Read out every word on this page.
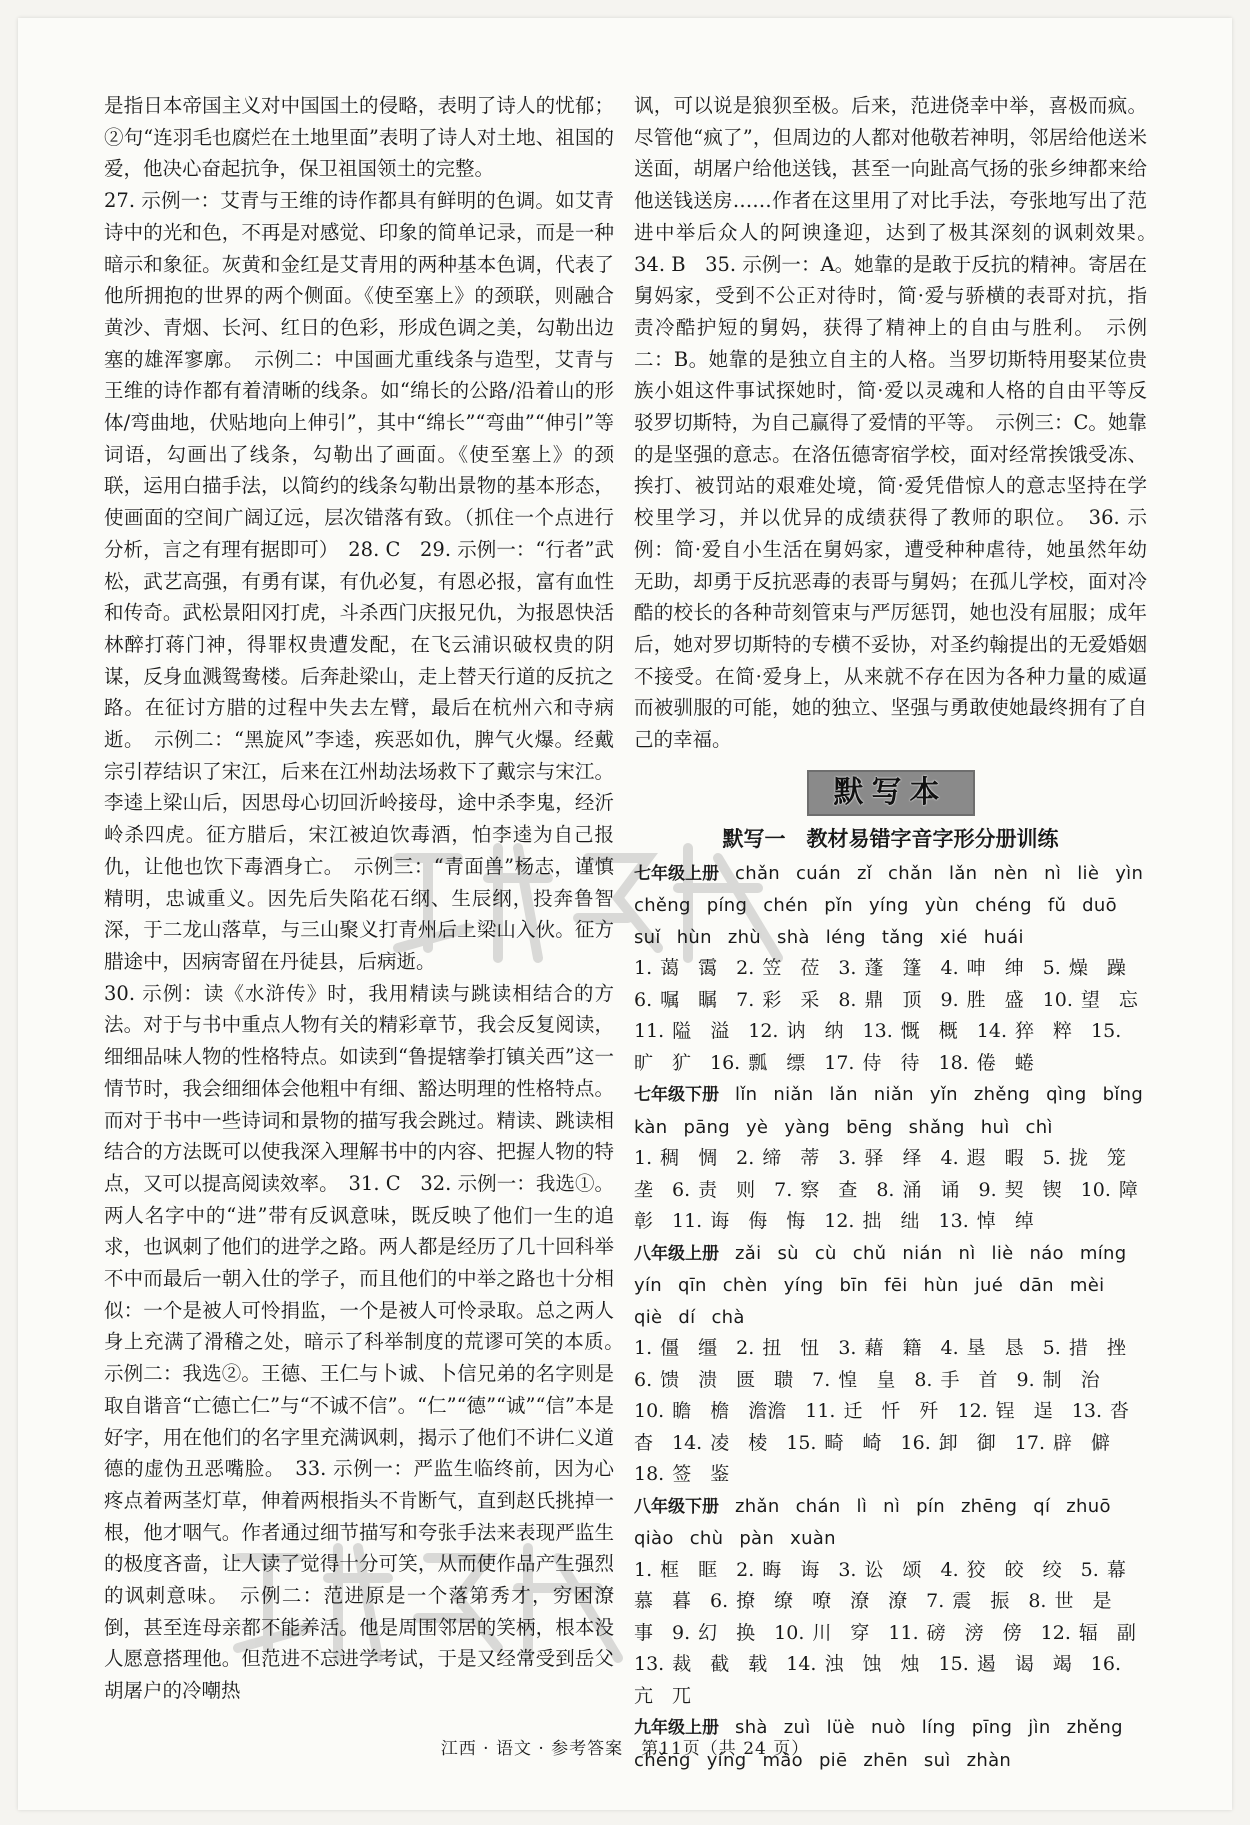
是指日本帝国主义对中国国土的侵略，表明了诗人的忧郁；②句“连羽毛也腐烂在土地里面”表明了诗人对土地、祖国的爱，他决心奋起抗争，保卫祖国领土的完整。

27. 示例一：艾青与王维的诗作都具有鲜明的色调。如艾青诗中的光和色，不再是对感觉、印象的简单记录，而是一种暗示和象征。灰黄和金红是艾青用的两种基本色调，代表了他所拥抱的世界的两个侧面。《使至塞上》的颈联，则融合黄沙、青烟、长河、红日的色彩，形成色调之美，勾勒出边塞的雄浑寥廓。　示例二：中国画尤重线条与造型，艾青与王维的诗作都有着清晰的线条。如“绵长的公路/沿着山的形体/弯曲地，伏贴地向上伸引”，其中“绵长”“弯曲”“伸引”等词语，勾画出了线条，勾勒出了画面。《使至塞上》的颈联，运用白描手法，以简约的线条勾勒出景物的基本形态，使画面的空间广阔辽远，层次错落有致。（抓住一个点进行分析，言之有理有据即可）　28. C　29. 示例一：“行者”武松，武艺高强，有勇有谋，有仇必复，有恩必报，富有血性和传奇。武松景阳冈打虎，斗杀西门庆报兄仇，为报恩快活林醉打蒋门神，得罪权贵遭发配，在飞云浦识破权贵的阴谋，反身血溅鸳鸯楼。后奔赴梁山，走上替天行道的反抗之路。在征讨方腊的过程中失去左臂，最后在杭州六和寺病逝。　示例二：“黑旋风”李逵，疾恶如仇，脾气火爆。经戴宗引荐结识了宋江，后来在江州劫法场救下了戴宗与宋江。李逵上梁山后，因思母心切回沂岭接母，途中杀李鬼，经沂岭杀四虎。征方腊后，宋江被迫饮毒酒，怕李逵为自己报仇，让他也饮下毒酒身亡。　示例三：“青面兽”杨志，谨慎精明，忠诚重义。因先后失陷花石纲、生辰纲，投奔鲁智深，于二龙山落草，与三山聚义打青州后上梁山入伙。征方腊途中，因病寄留在丹徒县，后病逝。

30. 示例：读《水浒传》时，我用精读与跳读相结合的方法。对于与书中重点人物有关的精彩章节，我会反复阅读，细细品味人物的性格特点。如读到“鲁提辖拳打镇关西”这一情节时，我会细细体会他粗中有细、豁达明理的性格特点。而对于书中一些诗词和景物的描写我会跳过。精读、跳读相结合的方法既可以使我深入理解书中的内容、把握人物的特点，又可以提高阅读效率。　31. C　32. 示例一：我选①。两人名字中的“进”带有反讽意味，既反映了他们一生的追求，也讽刺了他们的进学之路。两人都是经历了几十回科举不中而最后一朝入仕的学子，而且他们的中举之路也十分相似：一个是被人可怜捐监，一个是被人可怜录取。总之两人身上充满了滑稽之处，暗示了科举制度的荒谬可笑的本质。　示例二：我选②。王德、王仁与卜诚、卜信兄弟的名字则是取自谐音“亡德亡仁”与“不诚不信”。“仁”“德”“诚”“信”本是好字，用在他们的名字里充满讽刺，揭示了他们不讲仁义道德的虚伪丑恶嘴脸。　33. 示例一：严监生临终前，因为心疼点着两茎灯草，伸着两根指头不肯断气，直到赵氏挑掉一根，他才咽气。作者通过细节描写和夸张手法来表现严监生的极度吝啬，让人读了觉得十分可笑，从而使作品产生强烈的讽刺意味。　示例二：范进原是一个落第秀才，穷困潦倒，甚至连母亲都不能养活。他是周围邻居的笑柄，根本没人愿意搭理他。但范进不忘进学考试，于是又经常受到岳父胡屠户的冷嘲热

讽，可以说是狼狈至极。后来，范进侥幸中举，喜极而疯。尽管他“疯了”，但周边的人都对他敬若神明，邻居给他送米送面，胡屠户给他送钱，甚至一向趾高气扬的张乡绅都来给他送钱送房……作者在这里用了对比手法，夸张地写出了范进中举后众人的阿谀逢迎，达到了极其深刻的讽刺效果。　34. B　35. 示例一：A。她靠的是敢于反抗的精神。寄居在舅妈家，受到不公正对待时，简·爱与骄横的表哥对抗，指责冷酷护短的舅妈，获得了精神上的自由与胜利。　示例二：B。她靠的是独立自主的人格。当罗切斯特用娶某位贵族小姐这件事试探她时，简·爱以灵魂和人格的自由平等反驳罗切斯特，为自己赢得了爱情的平等。　示例三：C。她靠的是坚强的意志。在洛伍德寄宿学校，面对经常挨饿受冻、挨打、被罚站的艰难处境，简·爱凭借惊人的意志坚持在学校里学习，并以优异的成绩获得了教师的职位。　36. 示例：简·爱自小生活在舅妈家，遭受种种虐待，她虽然年幼无助，却勇于反抗恶毒的表哥与舅妈；在孤儿学校，面对冷酷的校长的各种苛刻管束与严厉惩罚，她也没有屈服；成年后，她对罗切斯特的专横不妥协，对圣约翰提出的无爱婚姻不接受。在简·爱身上，从来就不存在因为各种力量的威逼而被驯服的可能，她的独立、坚强与勇敢使她最终拥有了自己的幸福。

默写本
默写一　教材易错字音字形分册训练
七年级上册 chǎn cuán zǐ chǎn lǎn nèn nì liè yìn chěng píng chén pǐn yíng yùn chéng fǔ duō suǐ hùn zhù shà léng tǎng xié huái
1. 蔼　霭　2. 笠　莅　3. 蓬　篷　4. 呻　绅　5. 燥　躁　6. 嘱　瞩　7. 彩　采　8. 鼎　顶　9. 胜　盛　10. 望　忘　11. 隘　溢　12. 讷　纳　13. 慨　概　14. 猝　粹　15. 旷　犷　16. 瓢　缥　17. 侍　待　18. 倦　蜷
七年级下册 lǐn niǎn lǎn niǎn yǐn zhěng qìng bǐng kàn pāng yè yàng bēng shǎng huì chì
1. 稠　惆　2. 缔　蒂　3. 驿　绎　4. 遐　暇　5. 拢　笼　垄　6. 责　则　7. 察　查　8. 涌　诵　9. 契　锲　10. 障　彰　11. 诲　侮　悔　12. 拙　绌　13. 悼　绰
八年级上册 zǎi sù cù chǔ nián nì liè náo míng yín qīn chèn yíng bīn fēi hùn jué dān mèi qiè dí chà
1. 僵　缰　2. 扭　忸　3. 藉　籍　4. 垦　恳　5. 措　挫　6. 馈　溃　匮　聩　7. 惶　皇　8. 手　首　9. 制　治　10. 瞻　檐　澹澹　11. 迁　忏　歼　12. 锃　逞　13. 沓　杳　14. 凌　棱　15. 畸　崎　16. 卸　御　17. 辟　僻　18. 签　鉴
八年级下册 zhǎn chán lì nì pín zhēng qí zhuō qiào chù pàn xuàn
1. 框　眶　2. 晦　诲　3. 讼　颂　4. 狡　皎　绞　5. 幕　慕　暮　6. 撩　缭　嘹　潦　潦　7. 震　振　8. 世　是　事　9. 幻　换　10. 川　穿　11. 磅　滂　傍　12. 辐　副　13. 裁　截　载　14. 浊　蚀　烛　15. 遏　谒　竭　16. 亢　兀
九年级上册 shà zuì lüè nuò líng pīng jìn zhěng chěng yíng mào piē zhēn suì zhàn
江西 · 语文 · 参考答案　第11页（共 24 页）
